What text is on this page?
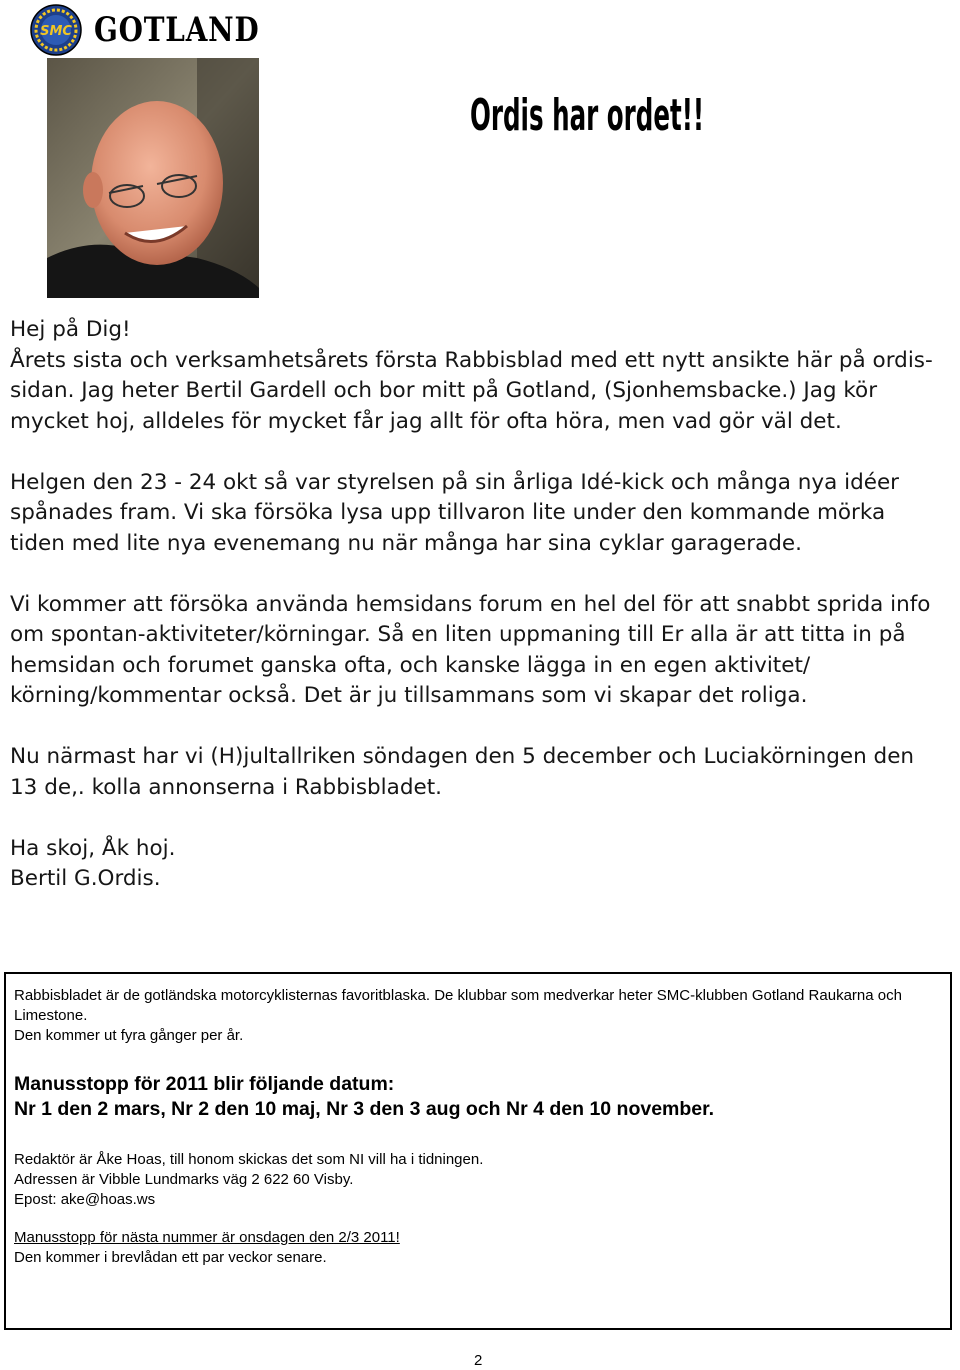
SMC GOTLAND
Ordis har ordet!!

Hej på Dig!

Årets sista och verksamhetsårets första Rabbisblad med ett nytt ansikte här på ordis-sidan. Jag heter Bertil Gardell och bor mitt på Gotland, (Sjonhemsbacke.) Jag kör mycket hoj, alldeles för mycket får jag allt för ofta höra, men vad gör väl det.

Helgen den 23 - 24 okt så var styrelsen på sin årliga Idé-kick och många nya idéer spånades fram. Vi ska försöka lysa upp tillvaron lite under den kommande mörka tiden med lite nya evenemang nu när många har sina cyklar garagerade.

Vi kommer att försöka använda hemsidans forum en hel del för att snabbt sprida info om spontan-aktiviteter/körningar. Så en liten uppmaning till Er alla är att titta in på hemsidan och forumet ganska ofta, och kanske lägga in en egen aktivitet/ körning/kommentar också. Det är ju tillsammans som vi skapar det roliga.

Nu närmast har vi (H)jultallriken söndagen den 5 december och Luciakörningen den 13 de,. kolla annonserna i Rabbisbladet.

Ha skoj, Åk hoj.

Bertil G.Ordis.

Rabbisbladet är de gotländska motorcyklisternas favoritblaska. De klubbar som medverkar heter SMC-klubben Gotland Raukarna och Limestone.

Den kommer ut fyra gånger per år.

Manusstopp för 2011 blir följande datum:

Nr 1 den 2 mars, Nr 2 den 10 maj, Nr 3 den 3 aug och Nr 4 den 10 november.

Redaktör är Åke Hoas, till honom skickas det som NI vill ha i tidningen.

Adressen är Vibble Lundmarks väg 2 622 60 Visby.

Epost: ake@hoas.ws

Manusstopp för nästa nummer är onsdagen den 2/3 2011!

Den kommer i brevlådan ett par veckor senare.

2
